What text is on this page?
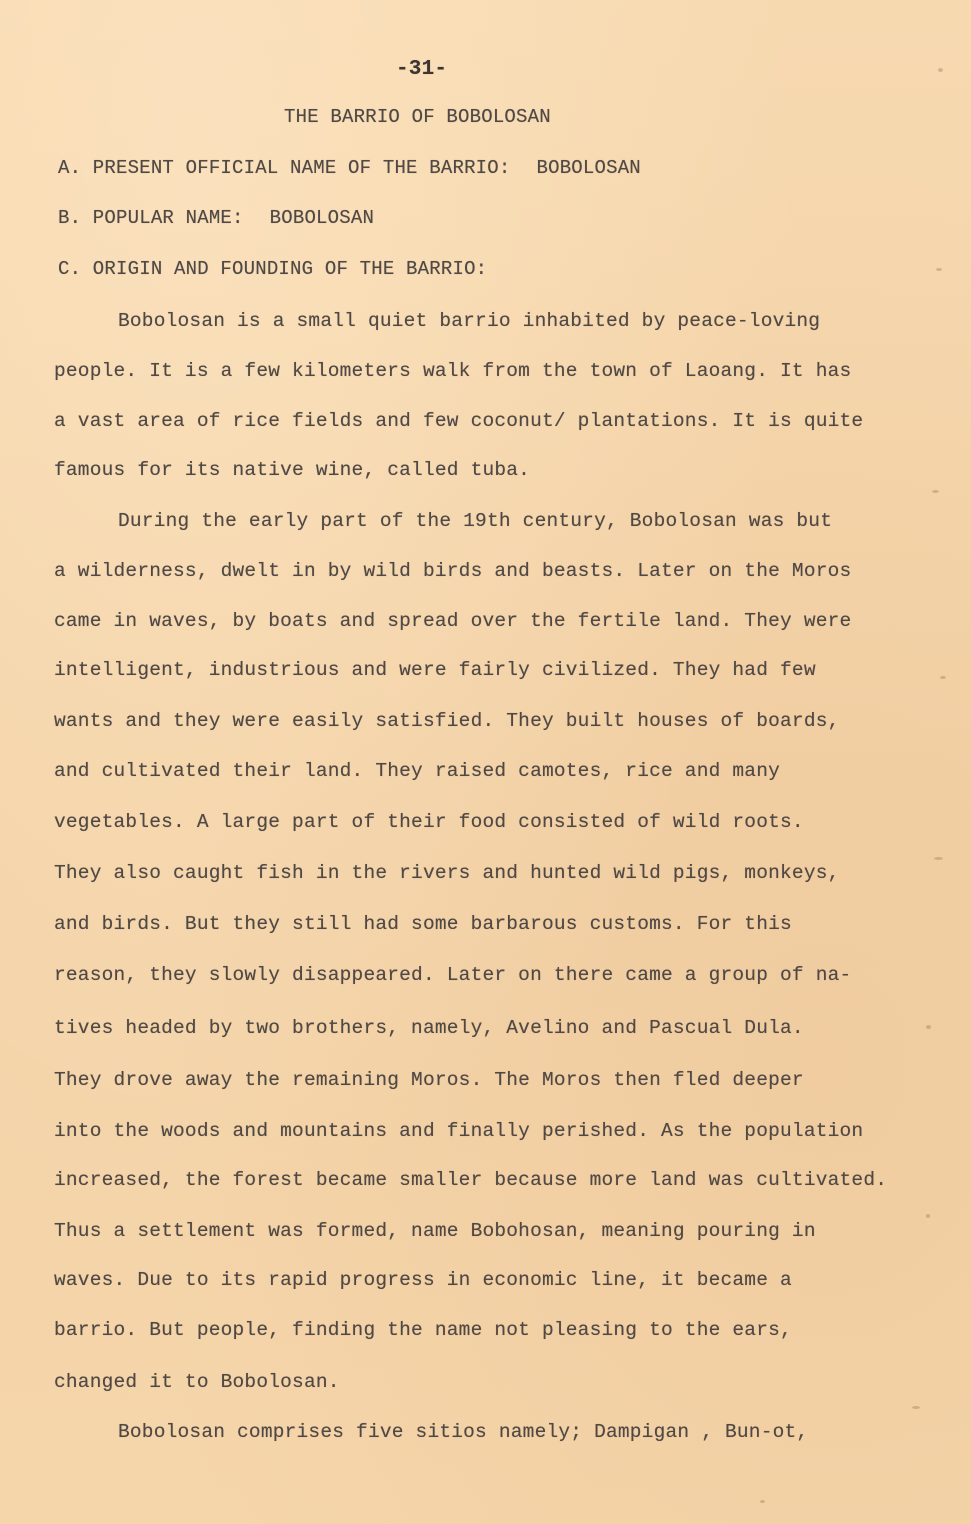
-31-
THE BARRIO OF BOBOLOSAN
A. PRESENT OFFICIAL NAME OF THE BARRIO: BOBOLOSAN
B. POPULAR NAME: BOBOLOSAN
C. ORIGIN AND FOUNDING OF THE BARRIO:
Bobolosan is a small quiet barrio inhabited by peace-loving
people. It is a few kilometers walk from the town of Laoang. It has
a vast area of rice fields and few coconut/ plantations. It is quite
famous for its native wine, called tuba.
During the early part of the 19th century, Bobolosan was but
a wilderness, dwelt in by wild birds and beasts. Later on the Moros
came in waves, by boats and spread over the fertile land. They were
intelligent, industrious and were fairly civilized. They had few
wants and they were easily satisfied. They built houses of boards,
and cultivated their land. They raised camotes, rice and many
vegetables. A large part of their food consisted of wild roots.
They also caught fish in the rivers and hunted wild pigs, monkeys,
and birds. But they still had some barbarous customs. For this
reason, they slowly disappeared. Later on there came a group of na-
tives headed by two brothers, namely, Avelino and Pascual Dula.
They drove away the remaining Moros. The Moros then fled deeper
into the woods and mountains and finally perished. As the population
increased, the forest became smaller because more land was cultivated.
Thus a settlement was formed, name Bobohosan, meaning pouring in
waves. Due to its rapid progress in economic line, it became a
barrio. But people, finding the name not pleasing to the ears,
changed it to Bobolosan.
Bobolosan comprises five sitios namely; Dampigan , Bun-ot,
